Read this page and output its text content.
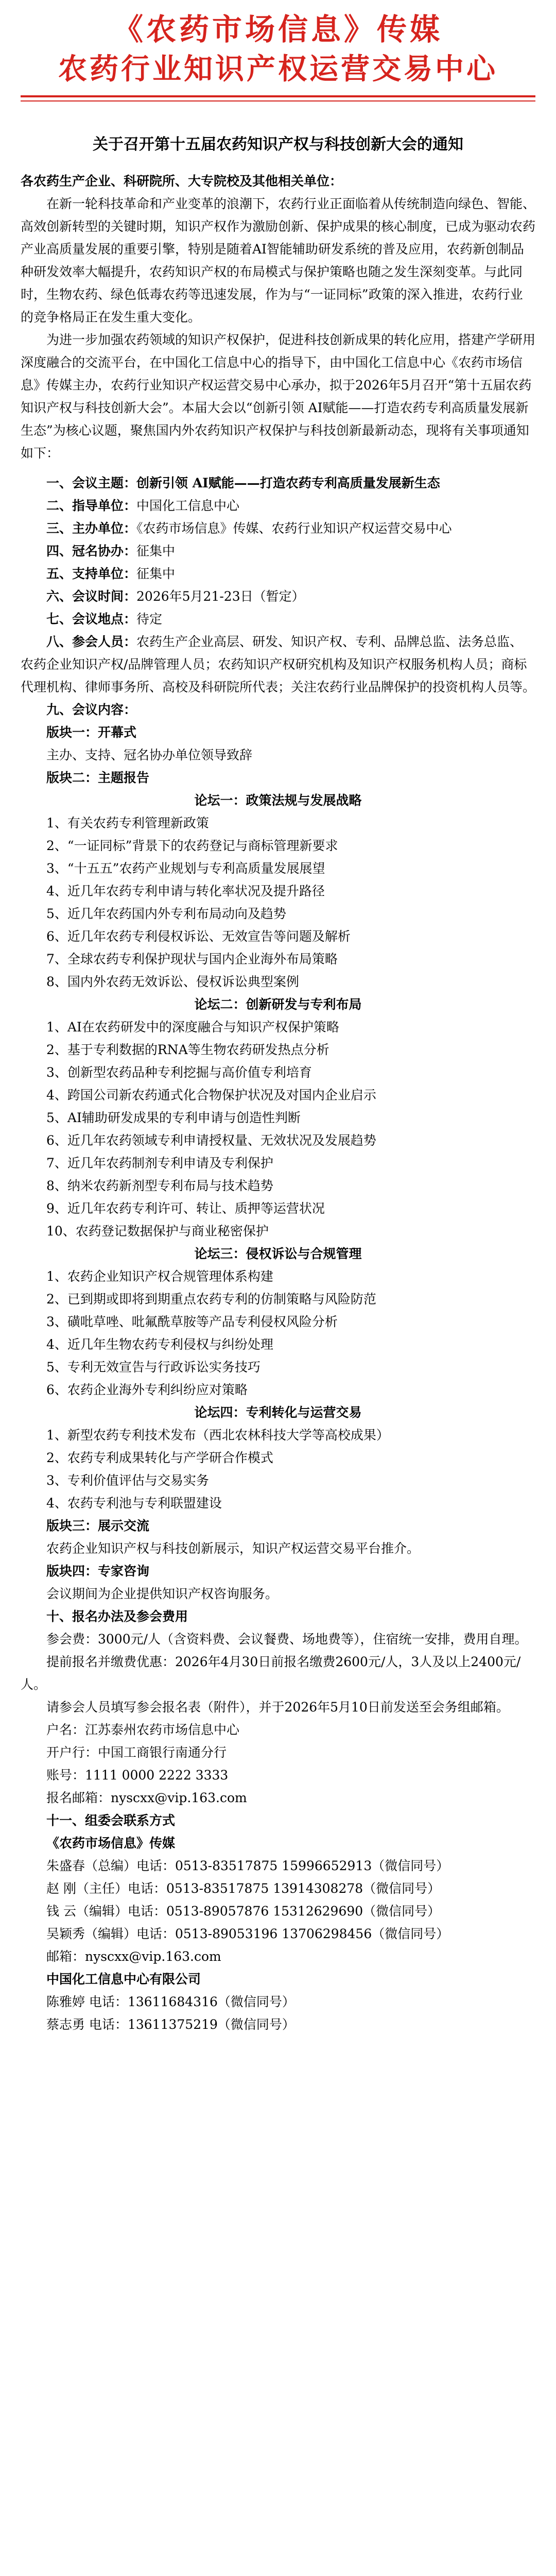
《农药市场信息》传媒
农药行业知识产权运营交易中心
关于召开第十五届农药知识产权与科技创新大会的通知

各农药生产企业、科研院所、大专院校及其他相关单位：

在新一轮科技革命和产业变革的浪潮下，农药行业正面临着从传统制造向绿色、智能、高效创新转型的关键时期，知识产权作为激励创新、保护成果的核心制度，已成为驱动农药产业高质量发展的重要引擎，特别是随着AI智能辅助研发系统的普及应用，农药新创制品种研发效率大幅提升，农药知识产权的布局模式与保护策略也随之发生深刻变革。与此同时，生物农药、绿色低毒农药等迅速发展，作为与“一证同标”政策的深入推进，农药行业的竞争格局正在发生重大变化。

为进一步加强农药领域的知识产权保护，促进科技创新成果的转化应用，搭建产学研用深度融合的交流平台，在中国化工信息中心的指导下，由中国化工信息中心《农药市场信息》传媒主办，农药行业知识产权运营交易中心承办，拟于2026年5月召开“第十五届农药知识产权与科技创新大会”。本届大会以“创新引领 AI赋能——打造农药专利高质量发展新生态”为核心议题，聚焦国内外农药知识产权保护与科技创新最新动态，现将有关事项通知如下：

一、会议主题：创新引领 AI赋能——打造农药专利高质量发展新生态

二、指导单位：中国化工信息中心

三、主办单位：《农药市场信息》传媒、农药行业知识产权运营交易中心

四、冠名协办：征集中

五、支持单位：征集中

六、会议时间：2026年5月21-23日（暂定）

七、会议地点：待定

八、参会人员：农药生产企业高层、研发、知识产权、专利、品牌总监、法务总监、农药企业知识产权/品牌管理人员；农药知识产权研究机构及知识产权服务机构人员；商标代理机构、律师事务所、高校及科研院所代表；关注农药行业品牌保护的投资机构人员等。

九、会议内容：

版块一：开幕式

主办、支持、冠名协办单位领导致辞

版块二：主题报告

论坛一：政策法规与发展战略

1、有关农药专利管理新政策

2、“一证同标”背景下的农药登记与商标管理新要求

3、“十五五”农药产业规划与专利高质量发展展望

4、近几年农药专利申请与转化率状况及提升路径

5、近几年农药国内外专利布局动向及趋势

6、近几年农药专利侵权诉讼、无效宣告等问题及解析

7、全球农药专利保护现状与国内企业海外布局策略

8、国内外农药无效诉讼、侵权诉讼典型案例

论坛二：创新研发与专利布局

1、AI在农药研发中的深度融合与知识产权保护策略

2、基于专利数据的RNA等生物农药研发热点分析

3、创新型农药品种专利挖掘与高价值专利培育

4、跨国公司新农药通式化合物保护状况及对国内企业启示

5、AI辅助研发成果的专利申请与创造性判断

6、近几年农药领域专利申请授权量、无效状况及发展趋势

7、近几年农药制剂专利申请及专利保护

8、纳米农药新剂型专利布局与技术趋势

9、近几年农药专利许可、转让、质押等运营状况

10、农药登记数据保护与商业秘密保护

论坛三：侵权诉讼与合规管理

1、农药企业知识产权合规管理体系构建

2、已到期或即将到期重点农药专利的仿制策略与风险防范

3、磺吡草唑、吡氟酰草胺等产品专利侵权风险分析

4、近几年生物农药专利侵权与纠纷处理

5、专利无效宣告与行政诉讼实务技巧

6、农药企业海外专利纠纷应对策略

论坛四：专利转化与运营交易

1、新型农药专利技术发布（西北农林科技大学等高校成果）

2、农药专利成果转化与产学研合作模式

3、专利价值评估与交易实务

4、农药专利池与专利联盟建设

版块三：展示交流

农药企业知识产权与科技创新展示，知识产权运营交易平台推介。

版块四：专家咨询

会议期间为企业提供知识产权咨询服务。

十、报名办法及参会费用

参会费：3000元/人（含资料费、会议餐费、场地费等），住宿统一安排，费用自理。

提前报名并缴费优惠：2026年4月30日前报名缴费2600元/人，3人及以上2400元/人。

请参会人员填写参会报名表（附件），并于2026年5月10日前发送至会务组邮箱。

户名：江苏泰州农药市场信息中心

开户行：中国工商银行南通分行

账号：1111 0000 2222 3333

报名邮箱：nyscxx@vip.163.com

十一、组委会联系方式

《农药市场信息》传媒

朱盛春（总编）电话：0513-83517875 15996652913（微信同号）

赵 刚（主任）电话：0513-83517875 13914308278（微信同号）

钱 云（编辑）电话：0513-89057876 15312629690（微信同号）

吴颖秀（编辑）电话：0513-89053196 13706298456（微信同号）

邮箱：nyscxx@vip.163.com

中国化工信息中心有限公司

陈雅婷 电话：13611684316（微信同号）

蔡志勇 电话：13611375219（微信同号）
